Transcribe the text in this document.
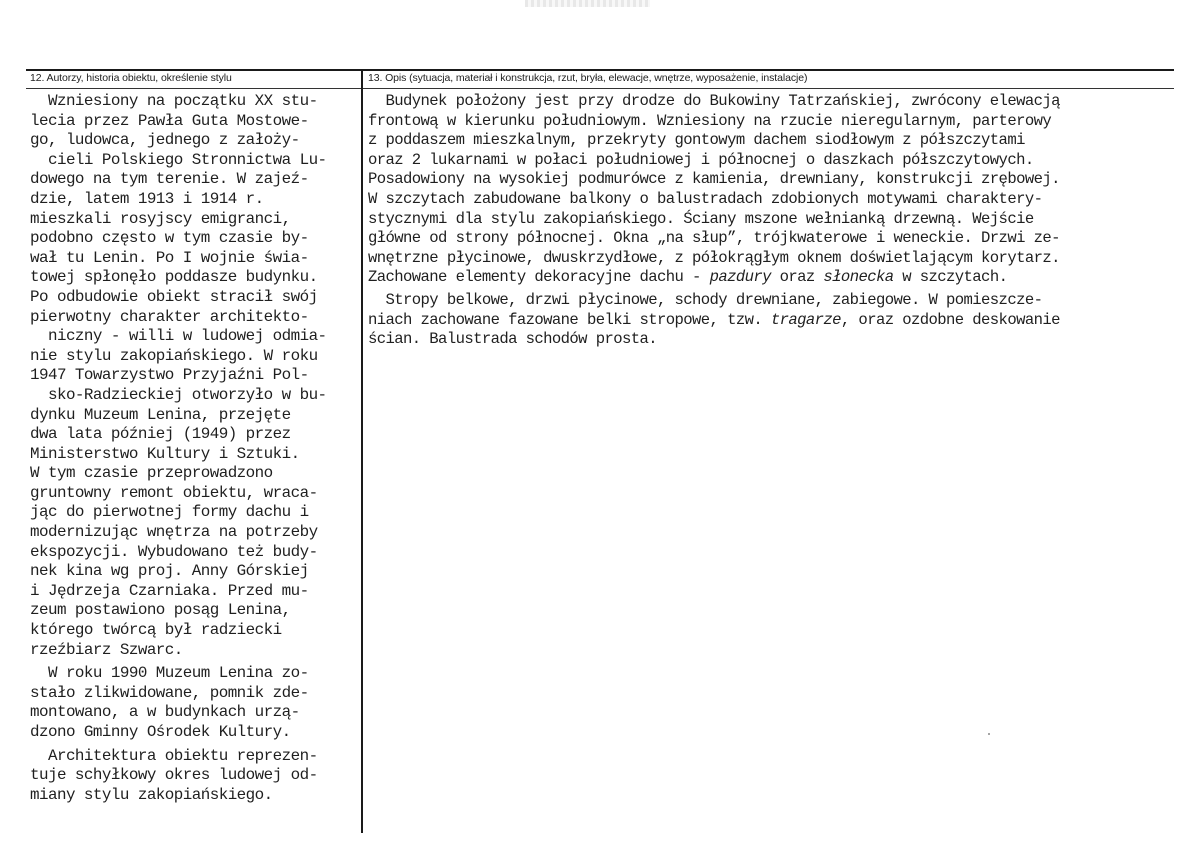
12. Autorzy, historia obiektu, określenie stylu	13. Opis (sytuacja, materiał i konstrukcja, rzut, bryła, elewacje, wnętrze, wyposażenie, instalacje)
Wzniesiony na początku XX stu-
lecia przez Pawła Guta Mostowe-
go, ludowca, jednego z założy-
cieli Polskiego Stronnictwa Lu-
dowego na tym terenie. W zajeź-
dzie, latem 1913 i 1914 r.
mieszkali rosyjscy emigranci,
podobno często w tym czasie by-
wał tu Lenin. Po I wojnie świa-
towej spłonęło poddasze budynku.
Po odbudowie obiekt stracił swój
pierwotny charakter architekto-
niczny - willi w ludowej odmia-
nie stylu zakopiańskiego. W roku
1947 Towarzystwo Przyjaźni Pol-
sko-Radzieckiej otworzyło w bu-
dynku Muzeum Lenina, przejęte
dwa lata później (1949) przez
Ministerstwo Kultury i Sztuki.
W tym czasie przeprowadzono
gruntowny remont obiektu, wraca-
jąc do pierwotnej formy dachu i
modernizując wnętrza na potrzeby
ekspozycji. Wybudowano też budy-
nek kina wg proj. Anny Górskiej
i Jędrzeja Czarniaka. Przed mu-
zeum postawiono posąg Lenina,
którego twórcą był radziecki
rzeźbiarz Szwarc.
W roku 1990 Muzeum Lenina zo-
stało zlikwidowane, pomnik zde-
montowano, a w budynkach urzą-
dzono Gminny Ośrodek Kultury.
Architektura obiektu reprezen-
tuje schyłkowy okres ludowej od-
miany stylu zakopiańskiego.
Budynek położony jest przy drodze do Bukowiny Tatrzańskiej, zwrócony elewacją
frontową w kierunku południowym. Wzniesiony na rzucie nieregularnym, parterowy
z poddaszem mieszkalnym, przekryty gontowym dachem siodłowym z półszczytami
oraz 2 lukarnami w połaci południowej i północnej o daszkach półszczytowych.
Posadowiony na wysokiej podmurówce z kamienia, drewniany, konstrukcji zrębowej.
W szczytach zabudowane balkony o balustradach zdobionych motywami charaktery-
stycznymi dla stylu zakopiańskiego. Ściany mszone wełnianką drzewną. Wejście
główne od strony północnej. Okna „na słup”, trójkwaterowe i weneckie. Drzwi ze-
wnętrzne płycinowe, dwuskrzydłowe, z półokrągłym oknem doświetlającym korytarz.
Zachowane elementy dekoracyjne dachu - pazdury oraz słonecka w szczytach.
Stropy belkowe, drzwi płycinowe, schody drewniane, zabiegowe. W pomieszcze-
niach zachowane fazowane belki stropowe, tzw. tragarze, oraz ozdobne deskowanie
ścian. Balustrada schodów prosta.
